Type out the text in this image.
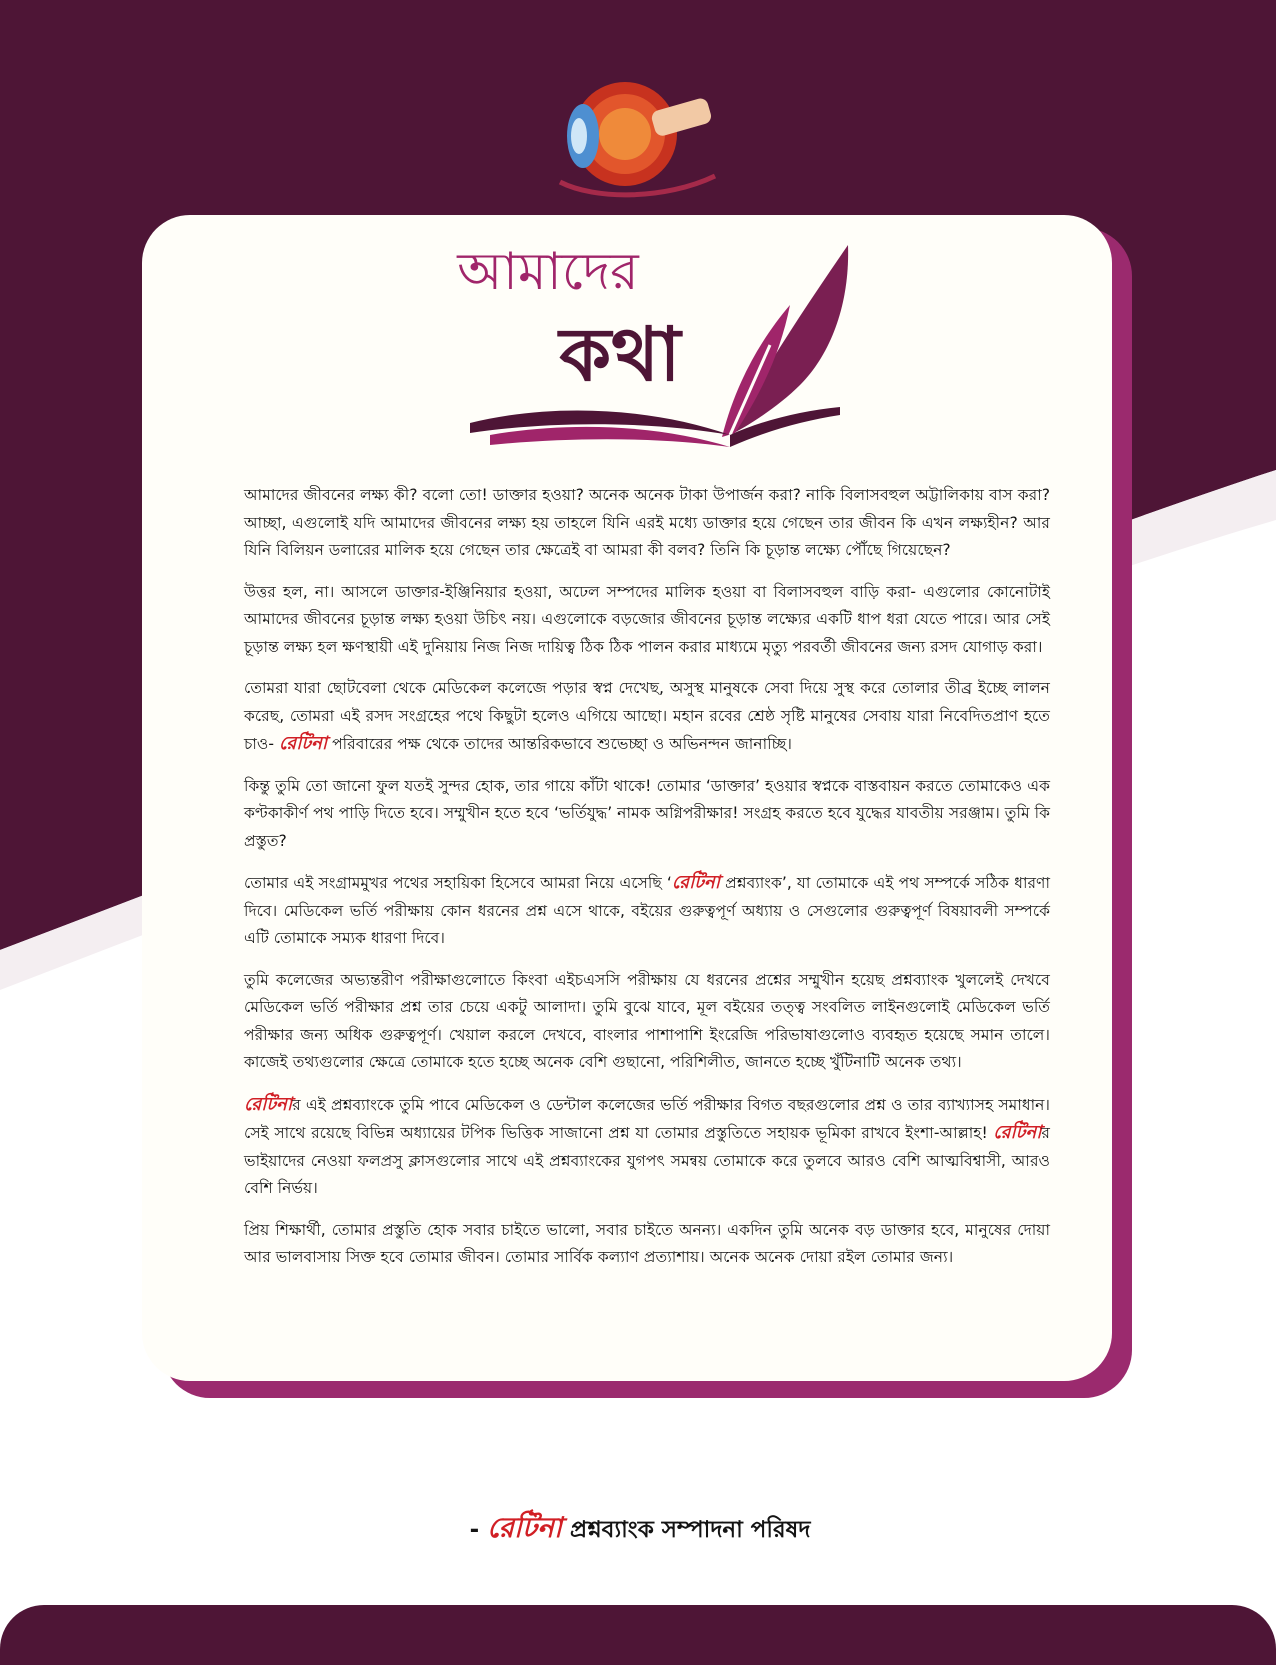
আমাদের
কথা

আমাদের জীবনের লক্ষ্য কী? বলো তো! ডাক্তার হওয়া? অনেক অনেক টাকা উপার্জন করা? নাকি বিলাসবহুল অট্টালিকায় বাস করা? আচ্ছা, এগুলোই যদি আমাদের জীবনের লক্ষ্য হয় তাহলে যিনি এরই মধ্যে ডাক্তার হয়ে গেছেন তার জীবন কি এখন লক্ষ্যহীন? আর যিনি বিলিয়ন ডলারের মালিক হয়ে গেছেন তার ক্ষেত্রেই বা আমরা কী বলব? তিনি কি চূড়ান্ত লক্ষ্যে পৌঁছে গিয়েছেন?

উত্তর হল, না। আসলে ডাক্তার-ইঞ্জিনিয়ার হওয়া, অঢেল সম্পদের মালিক হওয়া বা বিলাসবহুল বাড়ি করা- এগুলোর কোনোটাই আমাদের জীবনের চূড়ান্ত লক্ষ্য হওয়া উচিৎ নয়। এগুলোকে বড়জোর জীবনের চূড়ান্ত লক্ষ্যের একটি ধাপ ধরা যেতে পারে। আর সেই চূড়ান্ত লক্ষ্য হল ক্ষণস্থায়ী এই দুনিয়ায় নিজ নিজ দায়িত্ব ঠিক ঠিক পালন করার মাধ্যমে মৃত্যু পরবর্তী জীবনের জন্য রসদ যোগাড় করা।

তোমরা যারা ছোটবেলা থেকে মেডিকেল কলেজে পড়ার স্বপ্ন দেখেছ, অসুস্থ মানুষকে সেবা দিয়ে সুস্থ করে তোলার তীব্র ইচ্ছে লালন করেছ, তোমরা এই রসদ সংগ্রহের পথে কিছুটা হলেও এগিয়ে আছো। মহান রবের শ্রেষ্ঠ সৃষ্টি মানুষের সেবায় যারা নিবেদিতপ্রাণ হতে চাও- রেটিনা পরিবারের পক্ষ থেকে তাদের আন্তরিকভাবে শুভেচ্ছা ও অভিনন্দন জানাচ্ছি।

কিন্তু তুমি তো জানো ফুল যতই সুন্দর হোক, তার গায়ে কাঁটা থাকে! তোমার ‘ডাক্তার’ হওয়ার স্বপ্নকে বাস্তবায়ন করতে তোমাকেও এক কণ্টকাকীর্ণ পথ পাড়ি দিতে হবে। সম্মুখীন হতে হবে ‘ভর্তিযুদ্ধ’ নামক অগ্নিপরীক্ষার! সংগ্রহ করতে হবে যুদ্ধের যাবতীয় সরঞ্জাম। তুমি কি প্রস্তুত?

তোমার এই সংগ্রামমুখর পথের সহায়িকা হিসেবে আমরা নিয়ে এসেছি ‘রেটিনা প্রশ্নব্যাংক’, যা তোমাকে এই পথ সম্পর্কে সঠিক ধারণা দিবে। মেডিকেল ভর্তি পরীক্ষায় কোন ধরনের প্রশ্ন এসে থাকে, বইয়ের গুরুত্বপূর্ণ অধ্যায় ও সেগুলোর গুরুত্বপূর্ণ বিষয়াবলী সম্পর্কে এটি তোমাকে সম্যক ধারণা দিবে।

তুমি কলেজের অভ্যন্তরীণ পরীক্ষাগুলোতে কিংবা এইচএসসি পরীক্ষায় যে ধরনের প্রশ্নের সম্মুখীন হয়েছ প্রশ্নব্যাংক খুললেই দেখবে মেডিকেল ভর্তি পরীক্ষার প্রশ্ন তার চেয়ে একটু আলাদা। তুমি বুঝে যাবে, মূল বইয়ের তত্ত্ব সংবলিত লাইনগুলোই মেডিকেল ভর্তি পরীক্ষার জন্য অধিক গুরুত্বপূর্ণ। খেয়াল করলে দেখবে, বাংলার পাশাপাশি ইংরেজি পরিভাষাগুলোও ব্যবহৃত হয়েছে সমান তালে। কাজেই তথ্যগুলোর ক্ষেত্রে তোমাকে হতে হচ্ছে অনেক বেশি গুছানো, পরিশিলীত, জানতে হচ্ছে খুঁটিনাটি অনেক তথ্য।

রেটিনার এই প্রশ্নব্যাংকে তুমি পাবে মেডিকেল ও ডেন্টাল কলেজের ভর্তি পরীক্ষার বিগত বছরগুলোর প্রশ্ন ও তার ব্যাখ্যাসহ সমাধান। সেই সাথে রয়েছে বিভিন্ন অধ্যায়ের টপিক ভিত্তিক সাজানো প্রশ্ন যা তোমার প্রস্তুতিতে সহায়ক ভূমিকা রাখবে ইংশা-আল্লাহ! রেটিনার ভাইয়াদের নেওয়া ফলপ্রসু ক্লাসগুলোর সাথে এই প্রশ্নব্যাংকের যুগপৎ সমন্বয় তোমাকে করে তুলবে আরও বেশি আত্মবিশ্বাসী, আরও বেশি নির্ভয়।

প্রিয় শিক্ষার্থী, তোমার প্রস্তুতি হোক সবার চাইতে ভালো, সবার চাইতে অনন্য। একদিন তুমি অনেক বড় ডাক্তার হবে, মানুষের দোয়া আর ভালবাসায় সিক্ত হবে তোমার জীবন। তোমার সার্বিক কল্যাণ প্রত্যাশায়। অনেক অনেক দোয়া রইল তোমার জন্য।

- রেটিনা প্রশ্নব্যাংক সম্পাদনা পরিষদ
